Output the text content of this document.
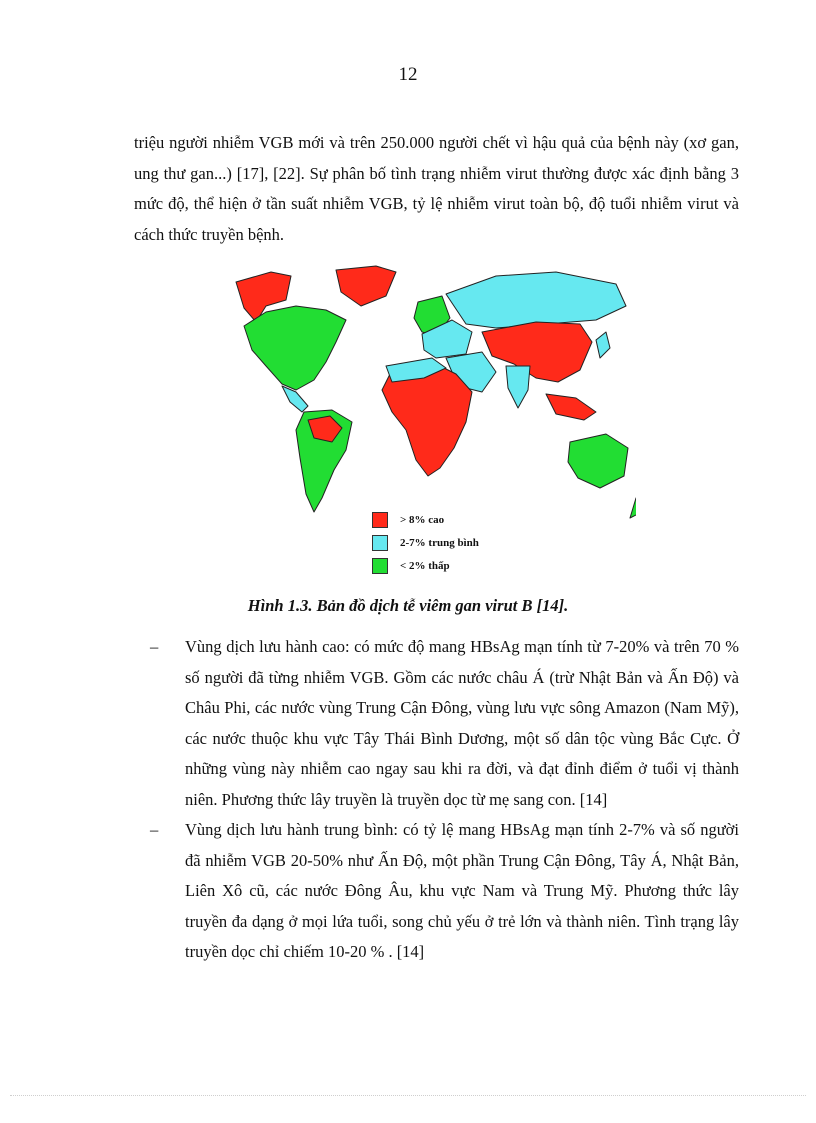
12

triệu người nhiễm VGB mới và trên 250.000 người chết vì hậu quả của bệnh này (xơ gan, ung thư gan...) [17], [22]. Sự phân bố tình trạng nhiễm virut thường được xác định bằng 3 mức độ, thể hiện ở tần suất nhiễm VGB, tỷ lệ nhiễm virut toàn bộ, độ tuổi nhiễm virut và cách thức truyền bệnh.

> 8% cao
2-7% trung bình
< 2% thấp
Hình 1.3. Bản đồ dịch tễ viêm gan virut B [14].
– Vùng dịch lưu hành cao: có mức độ mang HBsAg mạn tính từ 7-20% và trên 70 % số người đã từng nhiễm VGB. Gồm các nước châu Á (trừ Nhật Bản và Ấn Độ) và Châu Phi, các nước vùng Trung Cận Đông, vùng lưu vực sông Amazon (Nam Mỹ), các nước thuộc khu vực Tây Thái Bình Dương, một số dân tộc vùng Bắc Cực. Ở những vùng này nhiễm cao ngay sau khi ra đời, và đạt đỉnh điểm ở tuổi vị thành niên. Phương thức lây truyền là truyền dọc từ mẹ sang con. [14]
– Vùng dịch lưu hành trung bình: có tỷ lệ mang HBsAg mạn tính 2-7% và số người đã nhiễm VGB 20-50% như Ấn Độ, một phần Trung Cận Đông, Tây Á, Nhật Bản, Liên Xô cũ, các nước Đông Âu, khu vực Nam và Trung Mỹ. Phương thức lây truyền đa dạng ở mọi lứa tuổi, song chủ yếu ở trẻ lớn và thành niên. Tình trạng lây truyền dọc chỉ chiếm 10-20 % . [14]
